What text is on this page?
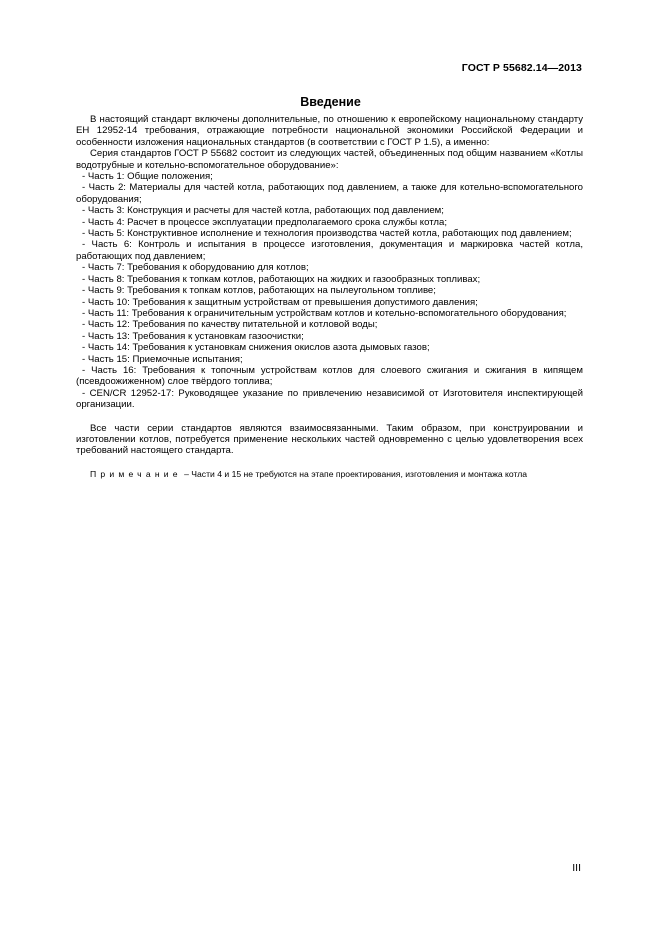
ГОСТ Р 55682.14—2013
Введение

В настоящий стандарт включены дополнительные, по отношению к европейскому национальному стандарту ЕН 12952-14 требования, отражающие потребности национальной экономики Российской Федерации и особенности изложения национальных стандартов (в соответствии с ГОСТ Р 1.5), а именно:

Серия стандартов ГОСТ Р 55682 состоит из следующих частей, объединенных под общим названием «Котлы водотрубные и котельно-вспомогательное оборудование»:

- Часть 1: Общие положения;

- Часть 2: Материалы для частей котла, работающих под давлением, а также для котельно-вспомогательного оборудования;

- Часть 3: Конструкция и расчеты для частей котла, работающих под давлением;

- Часть 4: Расчет в процессе эксплуатации предполагаемого срока службы котла;

- Часть 5: Конструктивное исполнение и технология производства частей котла, работающих под давлением;

- Часть 6: Контроль и испытания в процессе изготовления, документация и маркировка частей котла, работающих под давлением;

- Часть 7: Требования к оборудованию для котлов;

- Часть 8: Требования к топкам котлов, работающих на жидких и газообразных топливах;

- Часть 9: Требования к топкам котлов, работающих на пылеугольном топливе;

- Часть 10: Требования к защитным устройствам от превышения допустимого давления;

- Часть 11: Требования к ограничительным устройствам котлов и котельно-вспомогательного оборудования;

- Часть 12: Требования по качеству питательной и котловой воды;

- Часть 13: Требования к установкам газоочистки;

- Часть 14: Требования к установкам снижения окислов азота дымовых газов;

- Часть 15: Приемочные испытания;

- Часть 16: Требования к топочным устройствам котлов для слоевого сжигания и сжигания в кипящем (псевдоожиженном) слое твёрдого топлива;

- CEN/CR 12952-17: Руководящее указание по привлечению независимой от Изготовителя инспектирующей организации.

Все части серии стандартов являются взаимосвязанными. Таким образом, при конструировании и изготовлении котлов, потребуется применение нескольких частей одновременно с целью удовлетворения всех требований настоящего стандарта.

Примечание – Части 4 и 15 не требуются на этапе проектирования, изготовления и монтажа котла

III
